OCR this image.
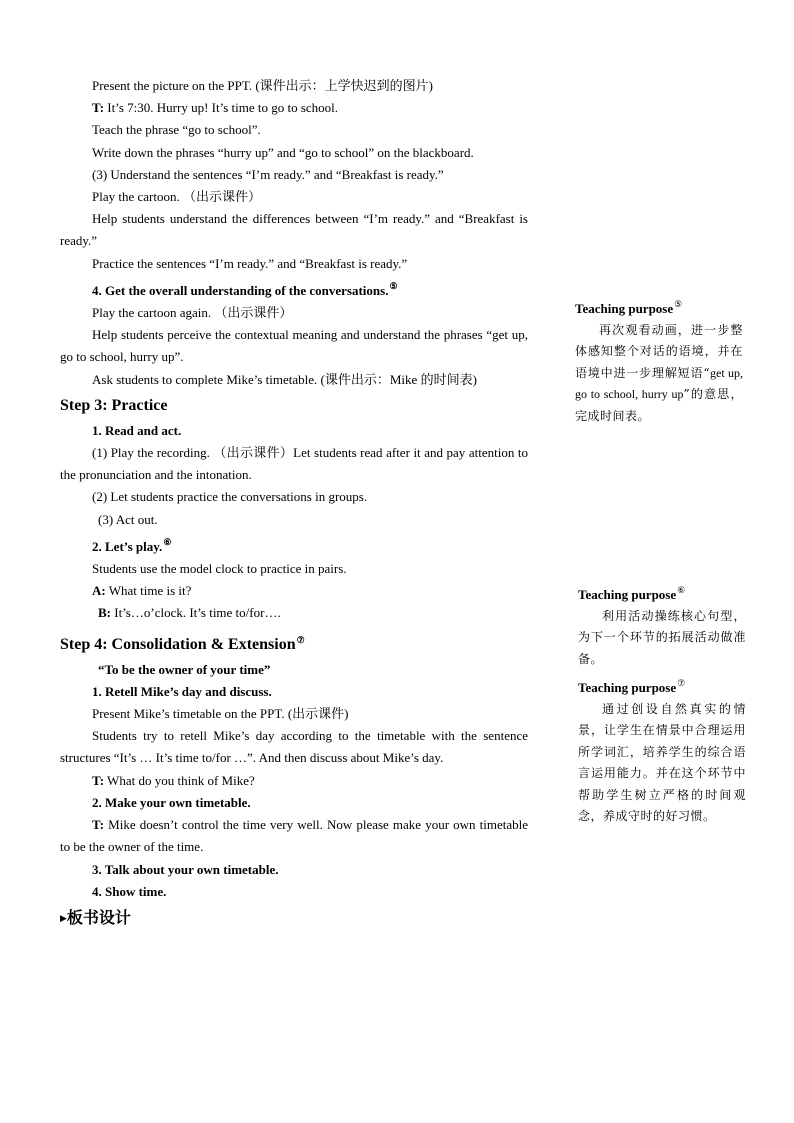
Present the picture on the PPT. (课件出示：上学快迟到的图片)

T: It’s 7:30. Hurry up! It’s time to go to school.

Teach the phrase “go to school”.

Write down the phrases “hurry up” and “go to school” on the blackboard.

(3) Understand the sentences “I’m ready.” and “Breakfast is ready.”

Play the cartoon. （出示课件）

Help students understand the differences between “I’m ready.” and “Breakfast is ready.”

Practice the sentences “I’m ready.” and “Breakfast is ready.”

4. Get the overall understanding of the conversations.⑤

Play the cartoon again. （出示课件）

Help students perceive the contextual meaning and understand the phrases “get up, go to school, hurry up”.

Ask students to complete Mike’s timetable. (课件出示：Mike 的时间表)

Step 3: Practice

1. Read and act.

(1) Play the recording. （出示课件）Let students read after it and pay attention to the pronunciation and the intonation.

(2) Let students practice the conversations in groups.

(3) Act out.

2. Let’s play.⑥

Students use the model clock to practice in pairs.

A: What time is it?

B: It’s…o’clock. It’s time to/for….

Step 4: Consolidation & Extension⑦

“To be the owner of your time”

1. Retell Mike’s day and discuss.

Present Mike’s timetable on the PPT. (出示课件)

Students try to retell Mike’s day according to the timetable with the sentence structures “It’s … It’s time to/for …”. And then discuss about Mike’s day.

T: What do you think of Mike?

2. Make your own timetable.

T: Mike doesn’t control the time very well. Now please make your own timetable to be the owner of the time.

3. Talk about your own timetable.

4. Show time.

▶板书设计

Teaching purpose⑤

再次观看动画，进一步整体感知整个对话的语境，并在语境中进一步理解短语“get up, go to school, hurry up”的意思，完成时间表。

Teaching purpose⑥

利用活动操练核心句型，为下一个环节的拓展活动做准备。

Teaching purpose⑦

通过创设自然真实的情景，让学生在情景中合理运用所学词汇，培养学生的综合语言运用能力。并在这个环节中帮助学生树立严格的时间观念，养成守时的好习惯。
